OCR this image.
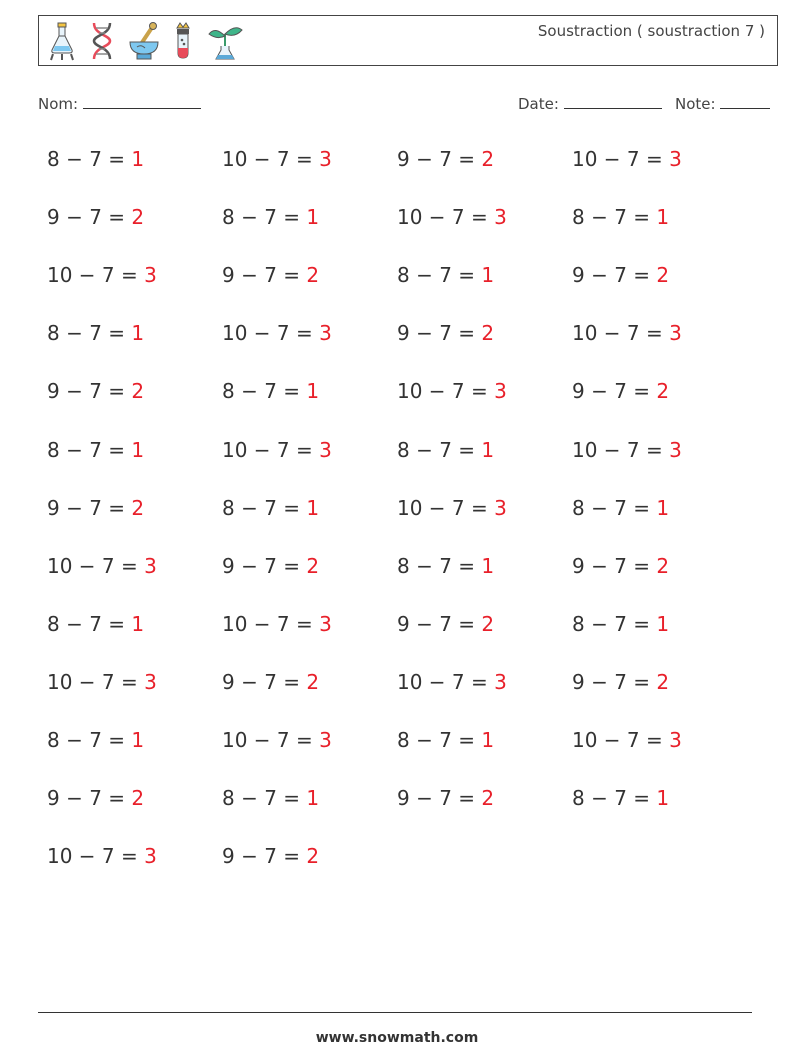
Soustraction ( soustraction 7 )
Nom:	Date:	Note:
8 − 7 = 1	10 − 7 = 3	9 − 7 = 2	10 − 7 = 3
9 − 7 = 2	8 − 7 = 1	10 − 7 = 3	8 − 7 = 1
10 − 7 = 3	9 − 7 = 2	8 − 7 = 1	9 − 7 = 2
8 − 7 = 1	10 − 7 = 3	9 − 7 = 2	10 − 7 = 3
9 − 7 = 2	8 − 7 = 1	10 − 7 = 3	9 − 7 = 2
8 − 7 = 1	10 − 7 = 3	8 − 7 = 1	10 − 7 = 3
9 − 7 = 2	8 − 7 = 1	10 − 7 = 3	8 − 7 = 1
10 − 7 = 3	9 − 7 = 2	8 − 7 = 1	9 − 7 = 2
8 − 7 = 1	10 − 7 = 3	9 − 7 = 2	8 − 7 = 1
10 − 7 = 3	9 − 7 = 2	10 − 7 = 3	9 − 7 = 2
8 − 7 = 1	10 − 7 = 3	8 − 7 = 1	10 − 7 = 3
9 − 7 = 2	8 − 7 = 1	9 − 7 = 2	8 − 7 = 1
10 − 7 = 3	9 − 7 = 2
www.snowmath.com
